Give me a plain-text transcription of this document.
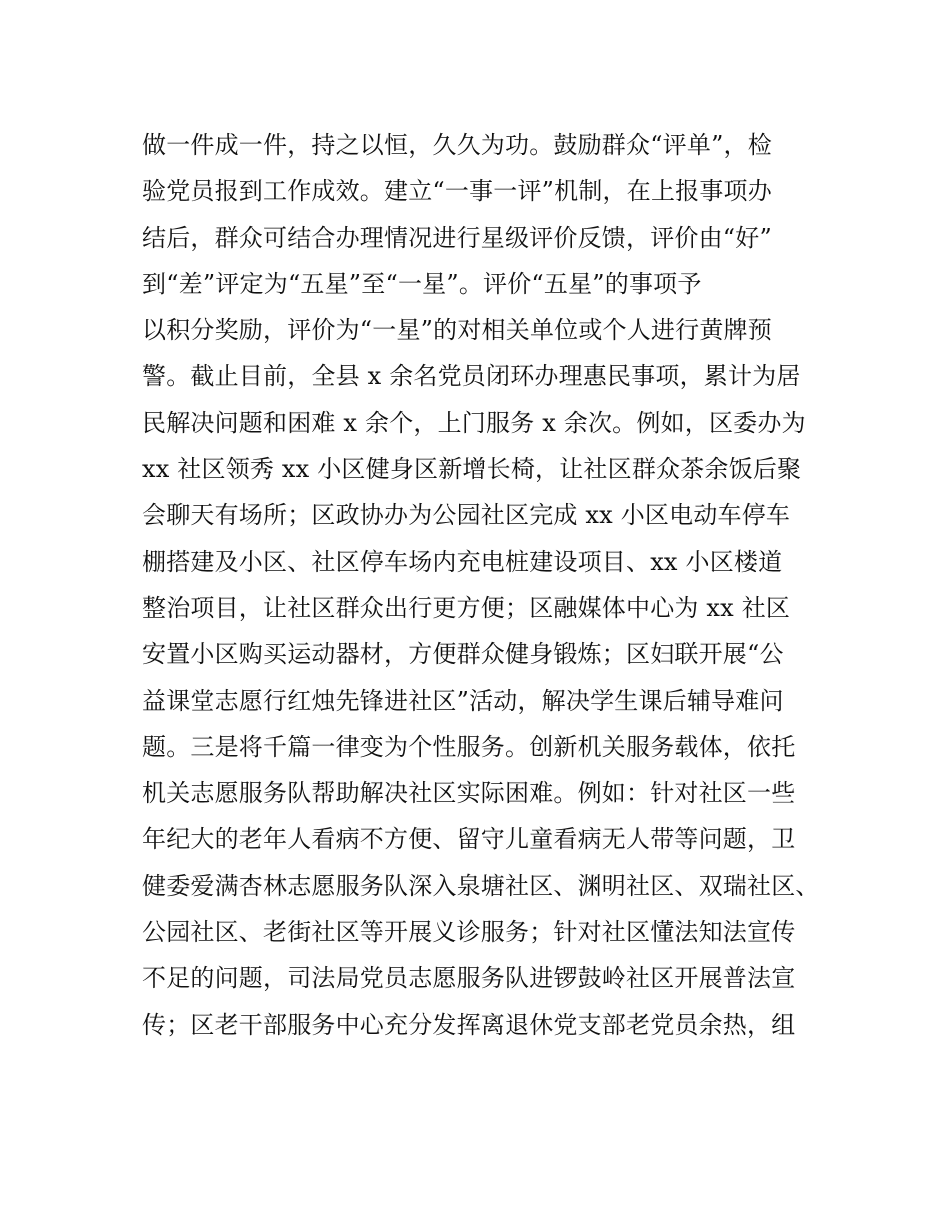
做一件成一件，持之以恒，久久为功。鼓励群众“评单”，检
验党员报到工作成效。建立“一事一评”机制，在上报事项办
结后，群众可结合办理情况进行星级评价反馈，评价由“好”
到“差”评定为“五星”至“一星”。评价“五星”的事项予
以积分奖励，评价为“一星”的对相关单位或个人进行黄牌预
警。截止目前，全县 x 余名党员闭环办理惠民事项，累计为居
民解决问题和困难 x 余个，上门服务 x 余次。例如，区委办为
xx 社区领秀 xx 小区健身区新增长椅，让社区群众茶余饭后聚
会聊天有场所；区政协办为公园社区完成 xx 小区电动车停车
棚搭建及小区、社区停车场内充电桩建设项目、xx 小区楼道
整治项目，让社区群众出行更方便；区融媒体中心为 xx 社区
安置小区购买运动器材，方便群众健身锻炼；区妇联开展“公
益课堂志愿行红烛先锋进社区”活动，解决学生课后辅导难问
题。三是将千篇一律变为个性服务。创新机关服务载体，依托
机关志愿服务队帮助解决社区实际困难。例如：针对社区一些
年纪大的老年人看病不方便、留守儿童看病无人带等问题，卫
健委爱满杏林志愿服务队深入泉塘社区、渊明社区、双瑞社区、
公园社区、老街社区等开展义诊服务；针对社区懂法知法宣传
不足的问题，司法局党员志愿服务队进锣鼓岭社区开展普法宣
传；区老干部服务中心充分发挥离退休党支部老党员余热，组
